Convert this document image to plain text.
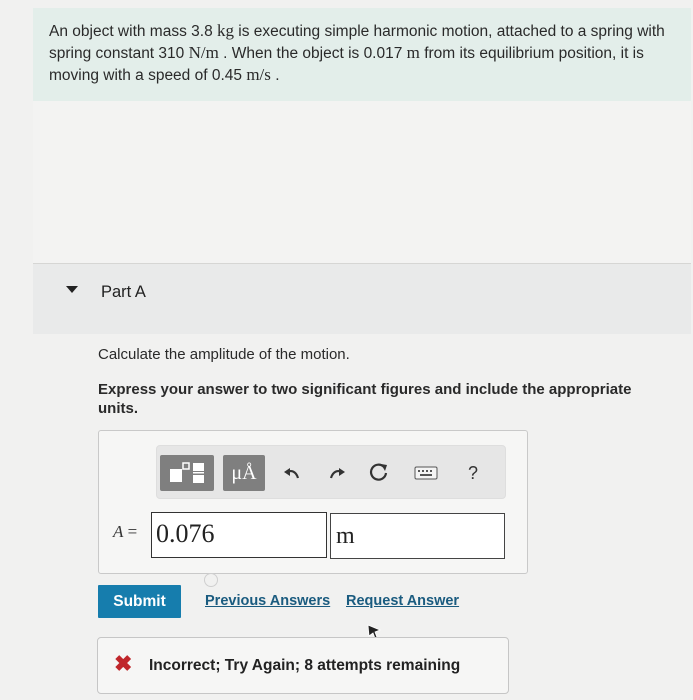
An object with mass 3.8 kg is executing simple harmonic motion, attached to a spring with spring constant 310 N/m . When the object is 0.017 m from its equilibrium position, it is moving with a speed of 0.45 m/s .
Part A
Calculate the amplitude of the motion.
Express your answer to two significant figures and include the appropriate units.
μÅ	?
A = 0.076	m
Submit	Previous Answers Request Answer
✖ Incorrect; Try Again; 8 attempts remaining
